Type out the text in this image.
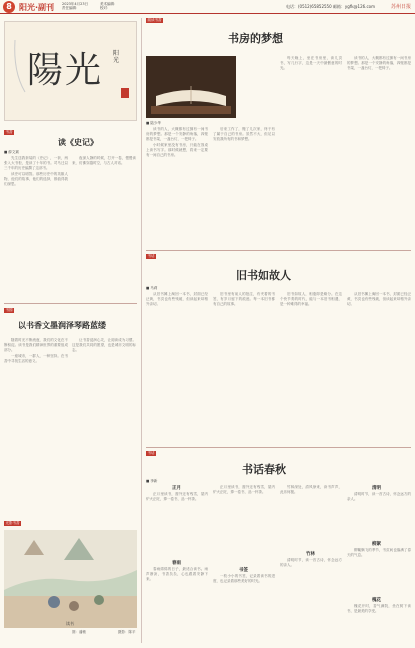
8 阳光·副刊 2023年4月23日
责任编辑：
美术编辑：
校对：	电话：(0512)65852550 邮箱：ygfk@126.com	苏州日报
陽光 阳光
书香
读《史记》
■ 薛文斌

先生送我套装的《史记》，一套，两张入大书柜，是读了十年的书。司马迁以三千年的历史编撰了这部书。

读史可以明智。那些历史中的英雄人物，他们的故事，他们的选择，都值得我们深思。

夜深人静的时候，打开一卷，慢慢读来，仿佛穿越时空，与古人对话。

书园
以书香文墨润泽琴路蓝缕

随着时光不断流逝，我们的文化在不断积淀。读书是我们精神世界的重要组成部分。

一座城市，一群人，一种坚持。在书香中寻找生活的意义。

让书香浸润心灵，让阅读成为习惯。这是我们共同的愿望，也是城市文明的标志。

光影书香
图：潘敏	摄影：陈平
读书
阅读书香
书房的梦想
■ 陆少华

读书的人，大概都有过拥有一间书房的梦想。那是一个安静的角落，四壁都是书架，一盏台灯，一把椅子。

小时候家里没有书房，只能在饭桌上读书写字。那时候就想，将来一定要有一间自己的书房。

后来工作了，搬了几次家，终于有了属于自己的书房。虽然不大，但足以安放我所有的书和梦想。

每天晚上，坐在书房里，读几页书，写几行字，这是一天中最惬意的时光。

读书的人，大概都有过拥有一间书房的梦想。那是一个安静的角落，四壁都是书架，一盏台灯，一把椅子。

书话
旧书如故人
■ 马莉

从旧书摊上淘回一本书，封面已经泛黄，书页也有些残破，但读起来却格外亲切。

旧书里有前人的批注，有夹着的书签，有岁月留下的痕迹。每一本旧书都有自己的故事。

旧书如故人，相逢即是缘分。在这个快节奏的时代，能与一本旧书相遇，是一种难得的幸福。

从旧书摊上淘回一本书，封面已经泛黄，书页也有些残破，但读起来却格外亲切。

书话
书话春秋
■ 李新
正月

正月里读书，窗外还有残雪，屋内炉火正旺，捧一卷书，品一杯茶。

春雨

春雨绵绵的日子，最适合读书。雨声淅沥，书香袅袅，心也跟着安静下来。

正月里读书，窗外还有残雪，屋内炉火正旺，捧一卷书，品一杯茶。

书签

一枚小小的书签，记录着读书的进度，也记录着那些美好的时光。

竹林深处，清风徐来，读书声声，此乐何极。

竹林

清明时节，读一首古诗，怀念远方的亲人。

清明

清明时节，读一首古诗，怀念远方的亲人。

柳絮

柳絮飘飞的季节，书页间也落满了春天的气息。

槐花

槐花开时，香气满院，坐在树下读书，是最美的享受。
